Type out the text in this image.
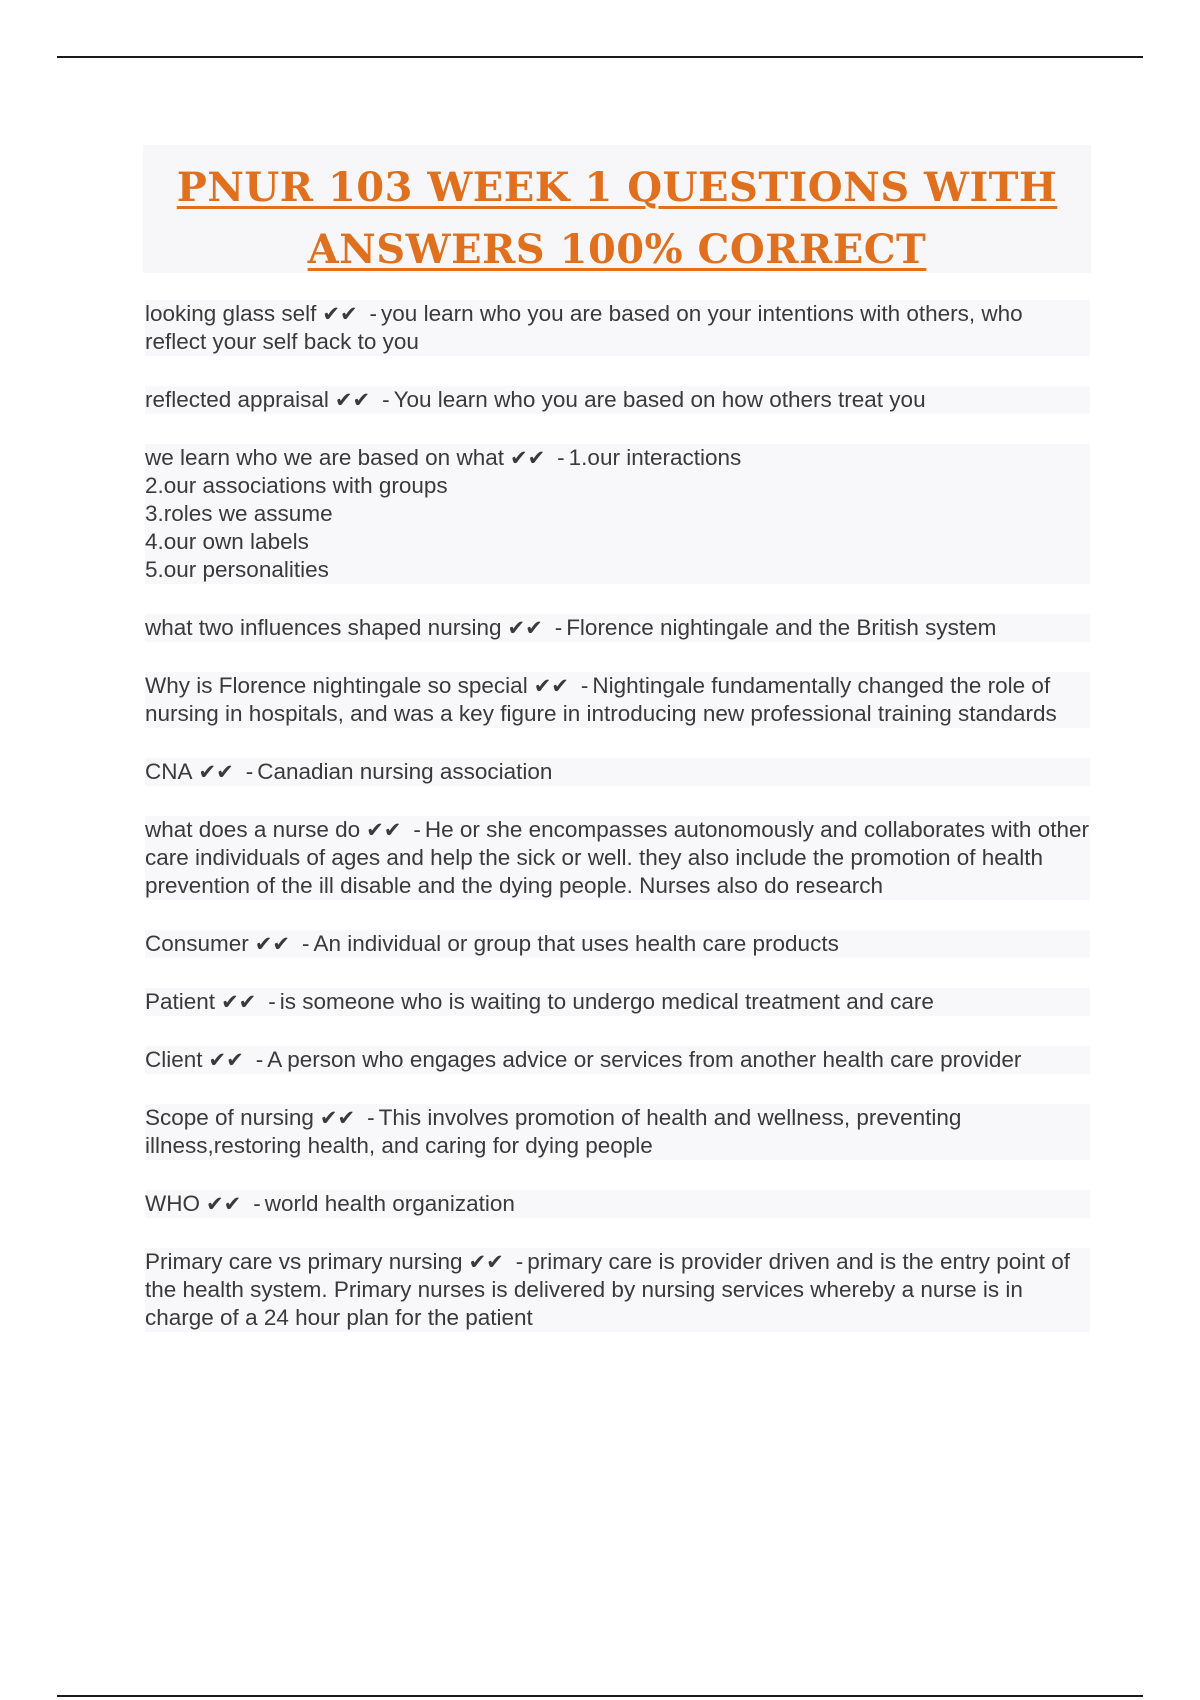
PNUR 103 WEEK 1 QUESTIONS WITH
ANSWERS 100% CORRECT
looking glass self ✔✔ - you learn who you are based on your intentions with others, who reflect your self back to you
reflected appraisal ✔✔ - You learn who you are based on how others treat you
we learn who we are based on what ✔✔ - 1.our interactions
2.our associations with groups
3.roles we assume
4.our own labels
5.our personalities
what two influences shaped nursing ✔✔ - Florence nightingale and the British system
Why is Florence nightingale so special ✔✔ - Nightingale fundamentally changed the role of nursing in hospitals, and was a key figure in introducing new professional training standards
CNA ✔✔ - Canadian nursing association
what does a nurse do ✔✔ - He or she encompasses autonomously and collaborates with other care individuals of ages and help the sick or well. they also include the promotion of health prevention of the ill disable and the dying people. Nurses also do research
Consumer ✔✔ - An individual or group that uses health care products
Patient ✔✔ - is someone who is waiting to undergo medical treatment and care
Client ✔✔ - A person who engages advice or services from another health care provider
Scope of nursing ✔✔ - This involves promotion of health and wellness, preventing illness,restoring health, and caring for dying people
WHO ✔✔ - world health organization
Primary care vs primary nursing ✔✔ - primary care is provider driven and is the entry point of the health system. Primary nurses is delivered by nursing services whereby a nurse is in charge of a 24 hour plan for the patient
